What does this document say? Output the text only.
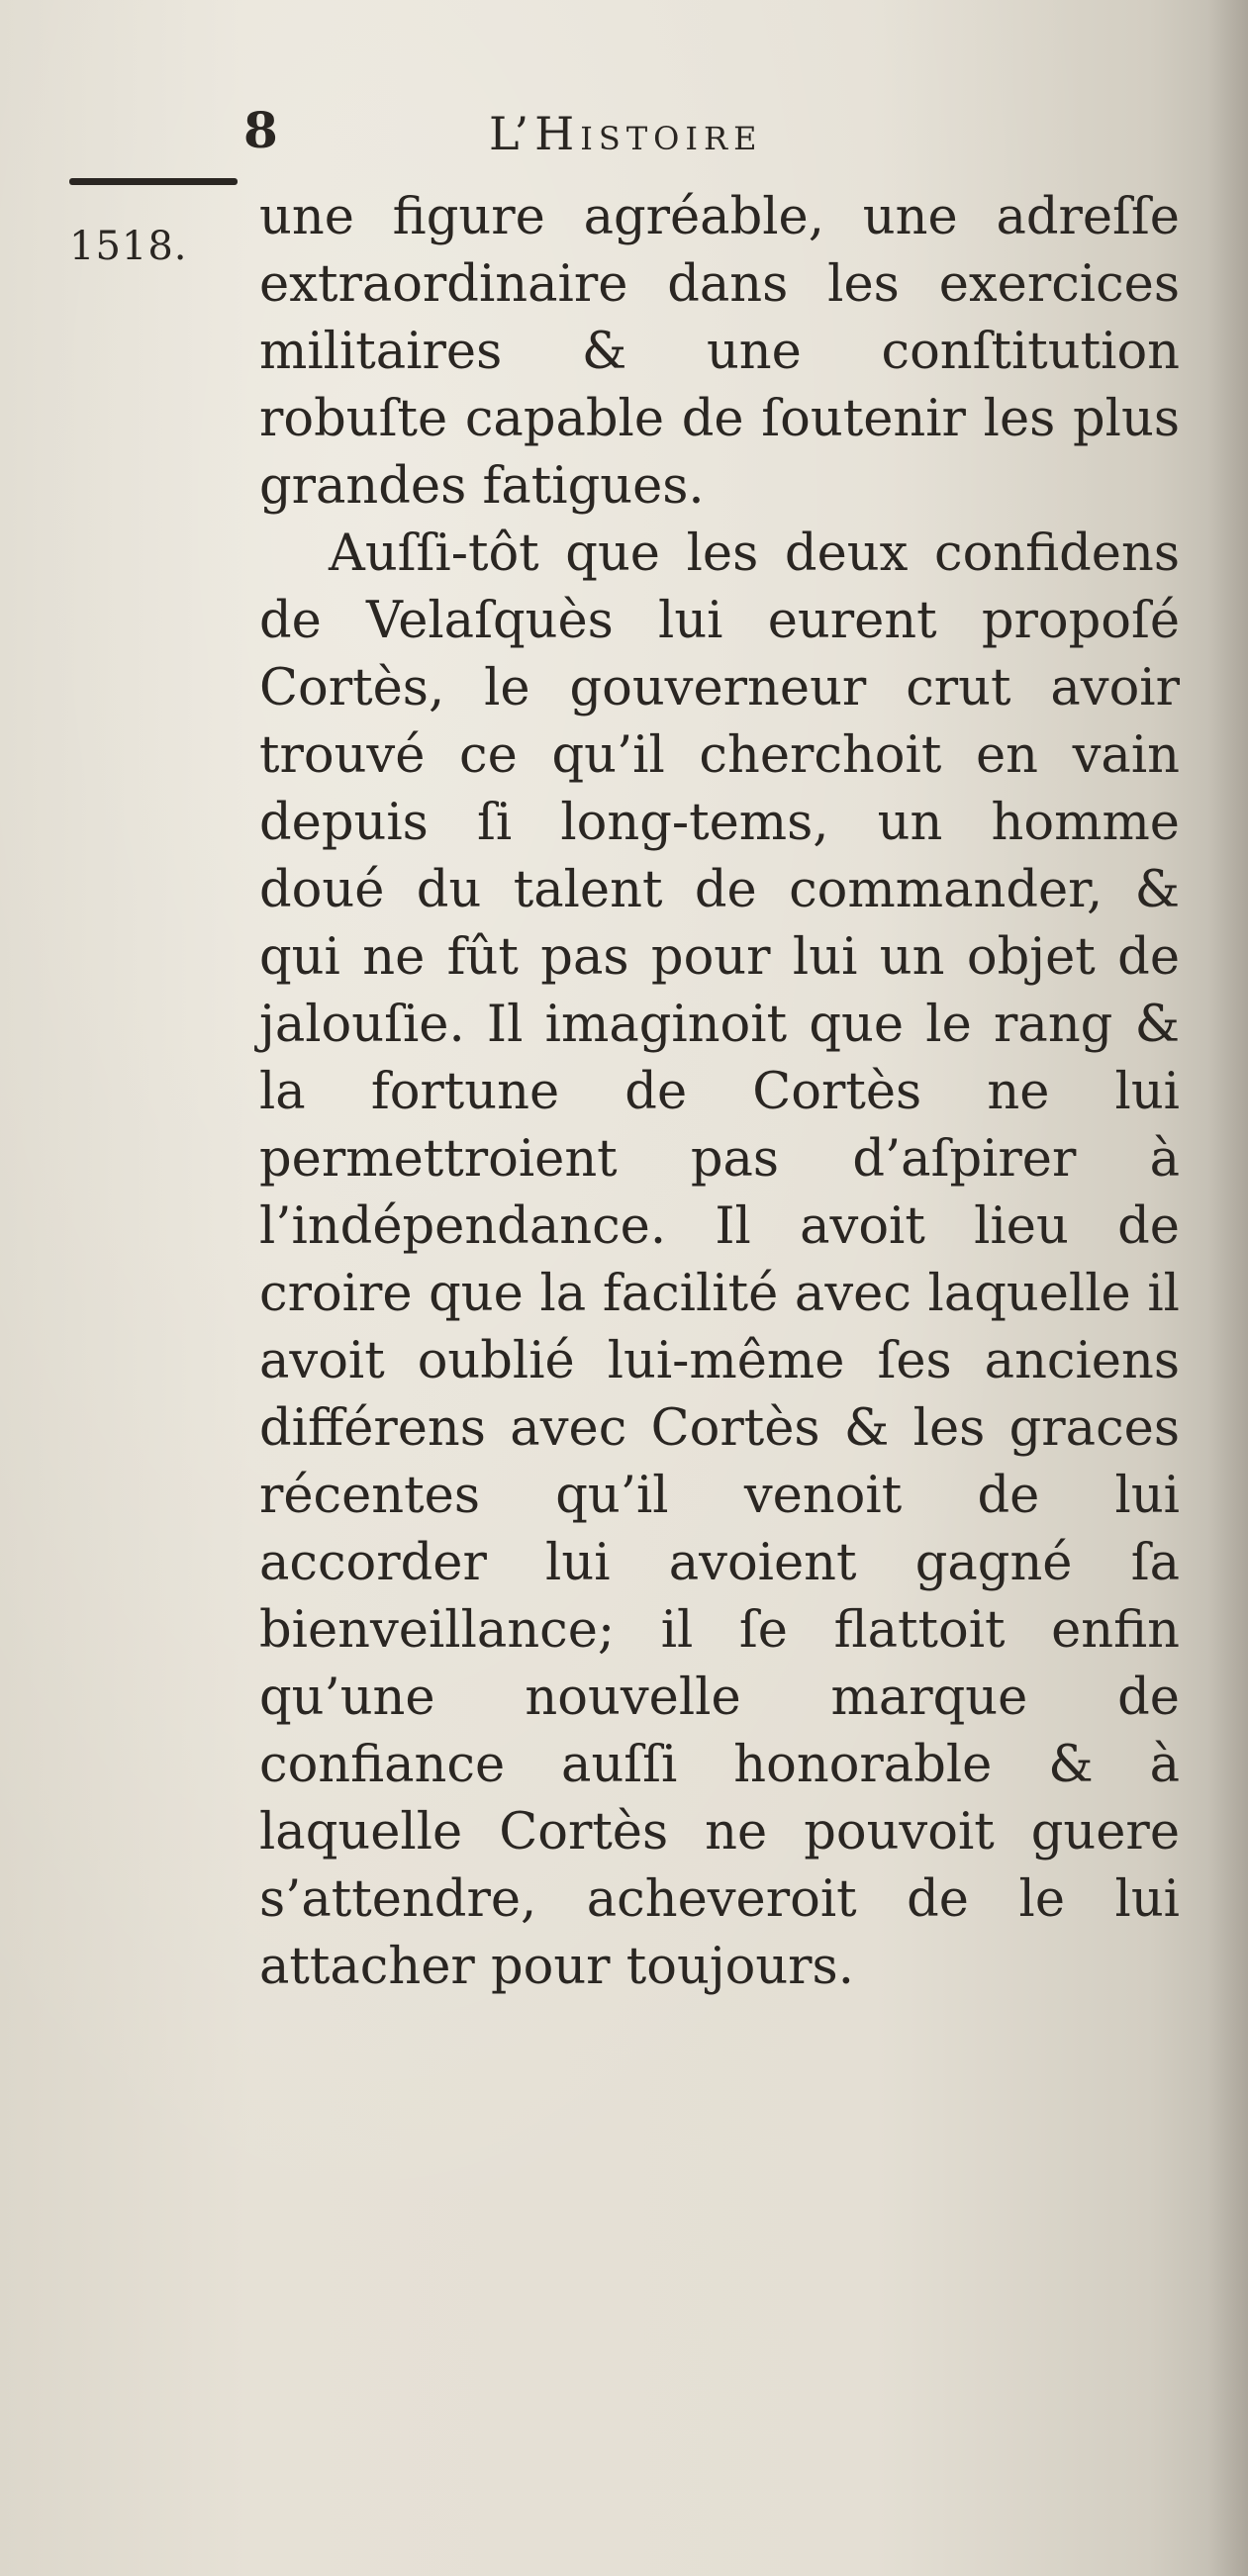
8	L’Histoire
1518. une figure agréable, une adreſſe extraordinaire dans les exercices militaires & une conſtitution robuſte capable de ſoutenir les plus grandes fatigues.

Auſſi-tôt que les deux confidens de Velaſquès lui eurent propoſé Cortès, le gouverneur crut avoir trouvé ce qu’il cherchoit en vain depuis ſi long-tems, un homme doué du talent de commander, & qui ne fût pas pour lui un objet de jalouſie. Il imaginoit que le rang & la fortune de Cortès ne lui permettroient pas d’aſpirer à l’indépendance. Il avoit lieu de croire que la facilité avec laquelle il avoit oublié lui-même ſes anciens différens avec Cortès & les graces récentes qu’il venoit de lui accorder lui avoient gagné ſa bienveillance; il ſe flattoit enfin qu’une nouvelle marque de confiance auſſi honorable & à laquelle Cortès ne pouvoit guere s’attendre, acheveroit de le lui attacher pour toujours.
